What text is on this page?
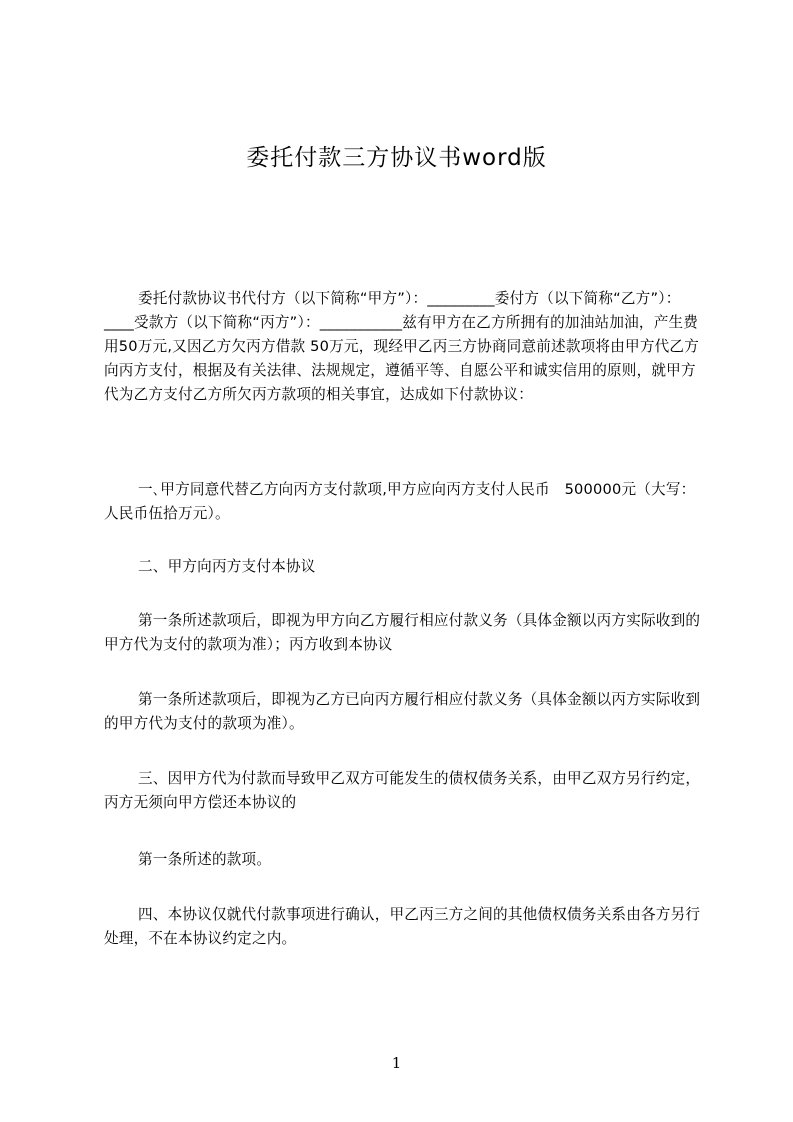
委托付款三方协议书word版
委托付款协议书代付方（以下简称“甲方”）：_________委付方（以下简称“乙方”）：____受款方（以下简称“丙方”）：___________兹有甲方在乙方所拥有的加油站加油，产生费用50万元,又因乙方欠丙方借款 50万元，现经甲乙丙三方协商同意前述款项将由甲方代乙方向丙方支付，根据及有关法律、法规规定，遵循平等、自愿公平和诚实信用的原则，就甲方代为乙方支付乙方所欠丙方款项的相关事宜，达成如下付款协议：
一､甲方同意代替乙方向丙方支付款项,甲方应向丙方支付人民币　500000元（大写：人民币伍拾万元）。
二、甲方向丙方支付本协议
第一条所述款项后，即视为甲方向乙方履行相应付款义务（具体金额以丙方实际收到的甲方代为支付的款项为准）；丙方收到本协议
第一条所述款项后，即视为乙方已向丙方履行相应付款义务（具体金额以丙方实际收到的甲方代为支付的款项为准）。
三、因甲方代为付款而导致甲乙双方可能发生的债权债务关系，由甲乙双方另行约定，丙方无须向甲方偿还本协议的
第一条所述的款项。
四、本协议仅就代付款事项进行确认，甲乙丙三方之间的其他债权债务关系由各方另行处理，不在本协议约定之内。
1
